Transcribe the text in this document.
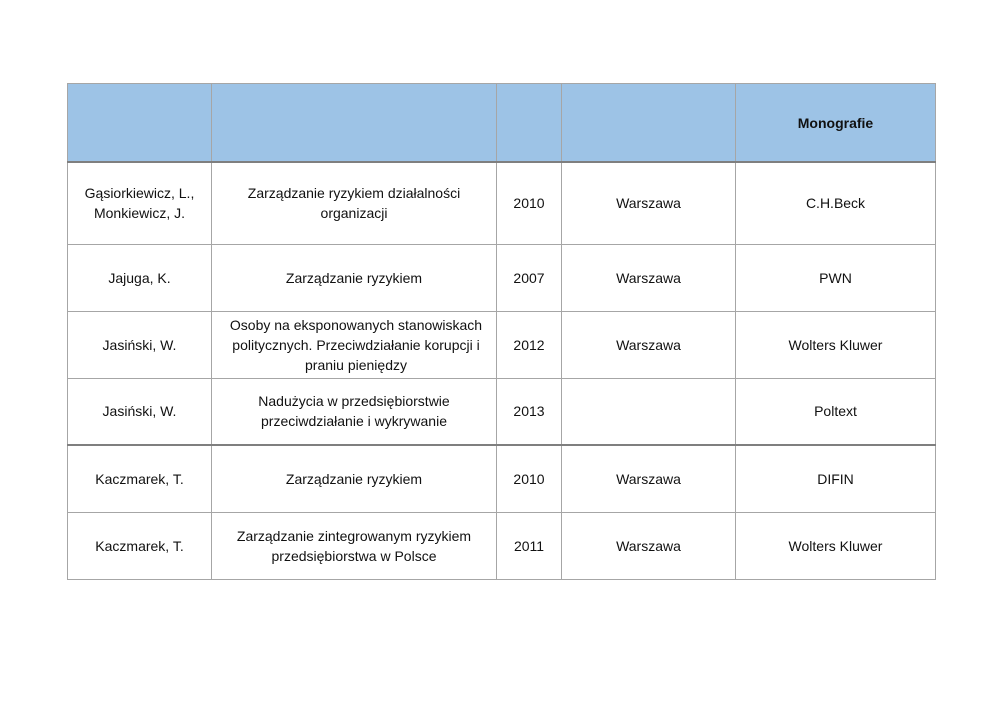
				Monografie
Gąsiorkiewicz, L., Monkiewicz, J.	Zarządzanie ryzykiem działalności organizacji	2010	Warszawa	C.H.Beck
Jajuga, K.	Zarządzanie ryzykiem	2007	Warszawa	PWN
Jasiński, W.	Osoby na eksponowanych stanowiskach politycznych. Przeciwdziałanie korupcji i praniu pieniędzy	2012	Warszawa	Wolters Kluwer
Jasiński, W.	Nadużycia w przedsiębiorstwie przeciwdziałanie i wykrywanie	2013		Poltext
Kaczmarek, T.	Zarządzanie ryzykiem	2010	Warszawa	DIFIN
Kaczmarek, T.	Zarządzanie zintegrowanym ryzykiem przedsiębiorstwa w Polsce	2011	Warszawa	Wolters Kluwer
